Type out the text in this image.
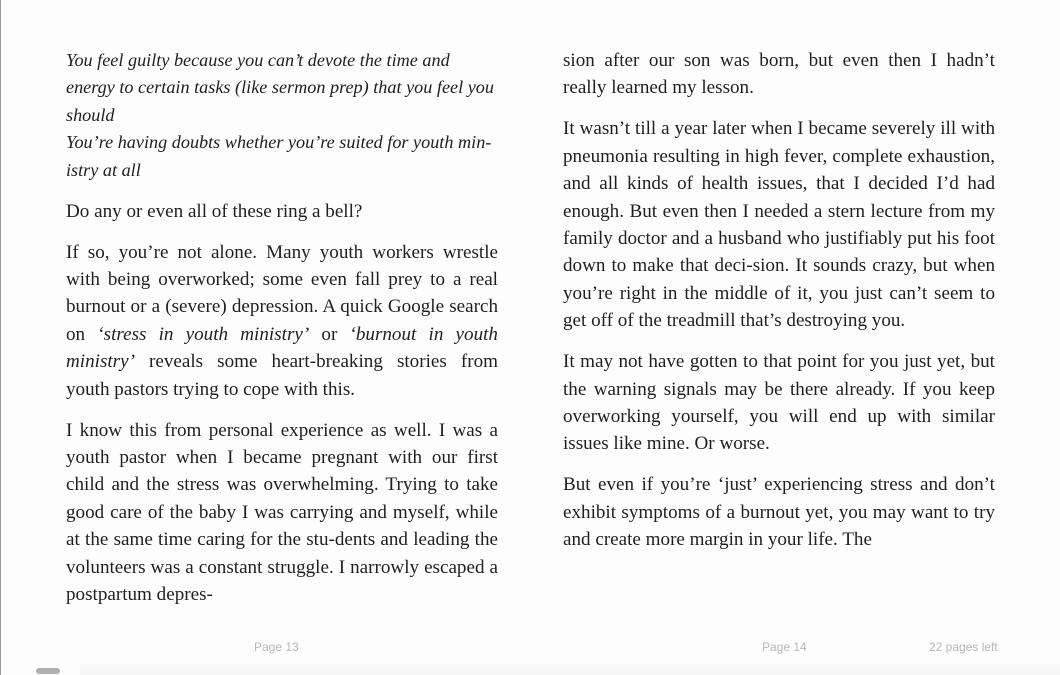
You feel guilty because you can’t devote the time and energy to certain tasks (like sermon prep) that you feel you should

You’re having doubts whether you’re suited for youth min-istry at all

Do any or even all of these ring a bell?

If so, you’re not alone. Many youth workers wrestle with being overworked; some even fall prey to a real burnout or a (severe) depression. A quick Google search on ‘stress in youth ministry’ or ‘burnout in youth ministry’ reveals some heart-breaking stories from youth pastors trying to cope with this.

I know this from personal experience as well. I was a youth pastor when I became pregnant with our first child and the stress was overwhelming. Trying to take good care of the baby I was carrying and myself, while at the same time caring for the stu-dents and leading the volunteers was a constant struggle. I narrowly escaped a postpartum depres-

sion after our son was born, but even then I hadn’t really learned my lesson.

It wasn’t till a year later when I became severely ill with pneumonia resulting in high fever, complete exhaustion, and all kinds of health issues, that I decided I’d had enough. But even then I needed a stern lecture from my family doctor and a husband who justifiably put his foot down to make that deci-sion. It sounds crazy, but when you’re right in the middle of it, you just can’t seem to get off of the treadmill that’s destroying you.

It may not have gotten to that point for you just yet, but the warning signals may be there already. If you keep overworking yourself, you will end up with similar issues like mine. Or worse.

But even if you’re ‘just’ experiencing stress and don’t exhibit symptoms of a burnout yet, you may want to try and create more margin in your life. The

Page 13	Page 14	22 pages left
